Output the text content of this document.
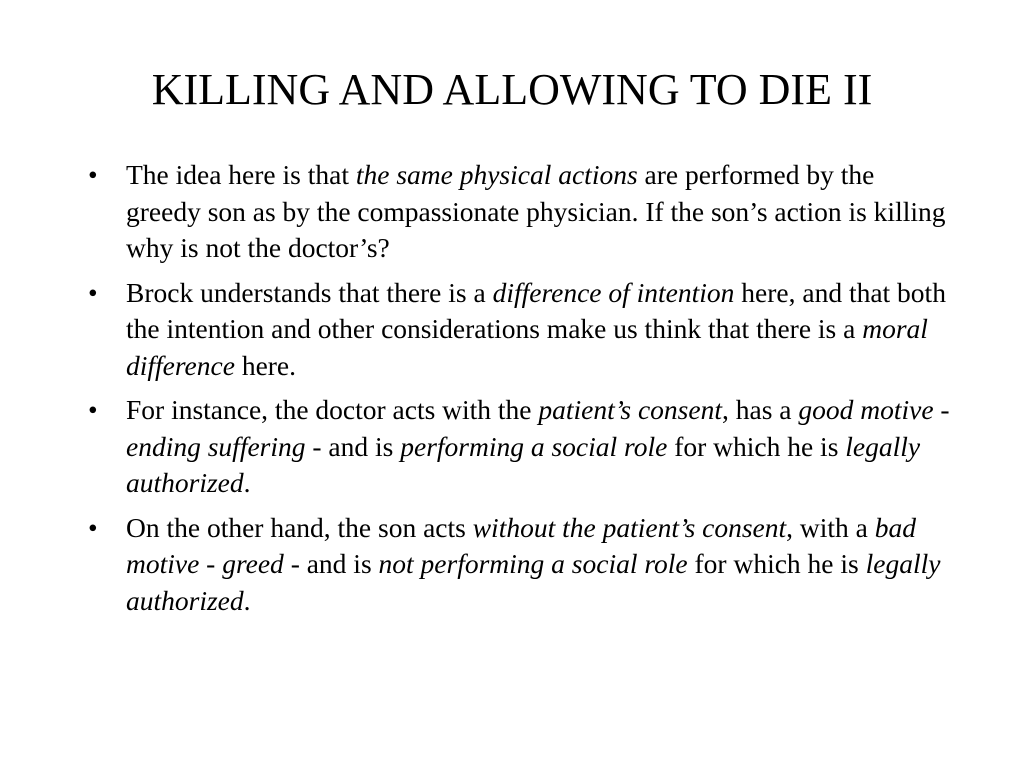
KILLING AND ALLOWING TO DIE II
• The idea here is that the same physical actions are performed by the greedy son as by the compassionate physician. If the son’s action is killing why is not the doctor’s?
• Brock understands that there is a difference of intention here, and that both the intention and other considerations make us think that there is a moral difference here.
• For instance, the doctor acts with the patient’s consent, has a good motive - ending suffering - and is performing a social role for which he is legally authorized.
• On the other hand, the son acts without the patient’s consent, with a bad motive - greed - and is not performing a social role for which he is legally authorized.
